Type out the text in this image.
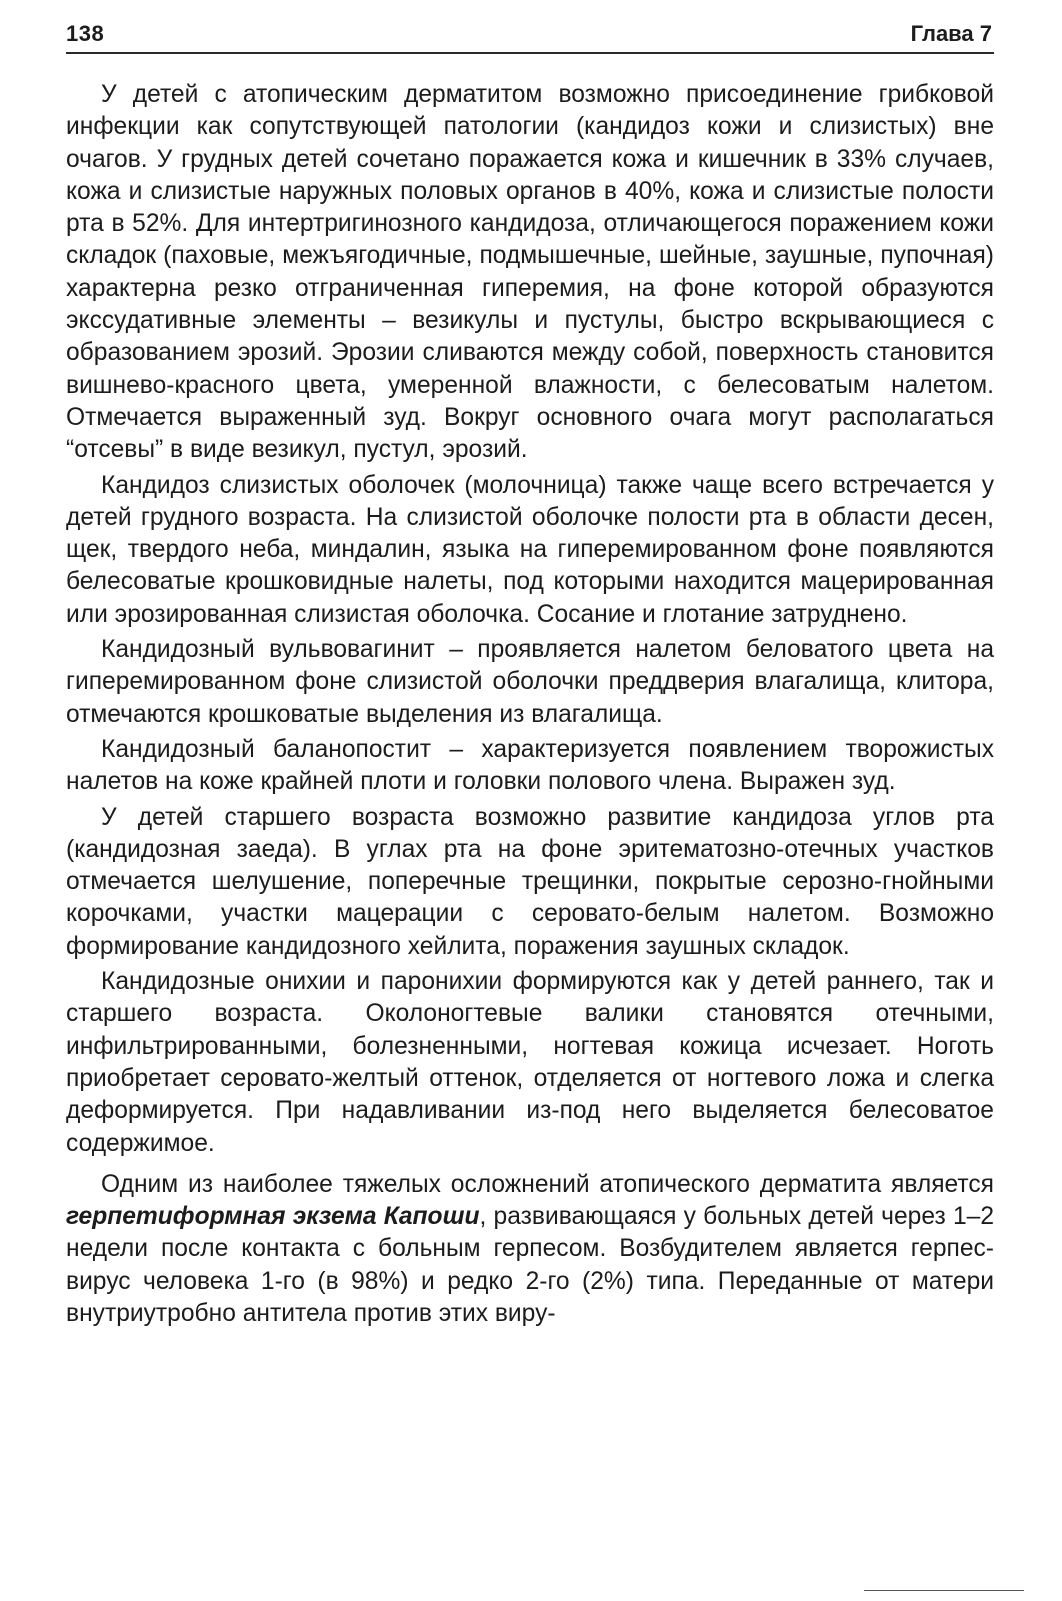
138	Глава 7

У детей с атопическим дерматитом возможно присоединение грибковой инфекции как сопутствующей патологии (кандидоз кожи и слизистых) вне очагов. У грудных детей сочетано поражается кожа и кишечник в 33% случаев, кожа и слизистые наружных половых органов в 40%, кожа и слизистые полости рта в 52%. Для интертригинозного кандидоза, отличающегося поражением кожи складок (паховые, межъягодичные, подмышечные, шейные, заушные, пупочная) характерна резко отграниченная гиперемия, на фоне которой образуются экссудативные элементы – везикулы и пустулы, быстро вскрывающиеся с образованием эрозий. Эрозии сливаются между собой, поверхность становится вишнево-красного цвета, умеренной влажности, с белесоватым налетом. Отмечается выраженный зуд. Вокруг основного очага могут располагаться “отсевы” в виде везикул, пустул, эрозий.

Кандидоз слизистых оболочек (молочница) также чаще всего встречается у детей грудного возраста. На слизистой оболочке полости рта в области десен, щек, твердого неба, миндалин, языка на гиперемированном фоне появляются белесоватые крошковидные налеты, под которыми находится мацерированная или эрозированная слизистая оболочка. Сосание и глотание затруднено.

Кандидозный вульвовагинит – проявляется налетом беловатого цвета на гиперемированном фоне слизистой оболочки преддверия влагалища, клитора, отмечаются крошковатые выделения из влагалища.

Кандидозный баланопостит – характеризуется появлением творожистых налетов на коже крайней плоти и головки полового члена. Выражен зуд.

У детей старшего возраста возможно развитие кандидоза углов рта (кандидозная заеда). В углах рта на фоне эритематозно-отечных участков отмечается шелушение, поперечные трещинки, покрытые серозно-гнойными корочками, участки мацерации с серовато-белым налетом. Возможно формирование кандидозного хейлита, поражения заушных складок.

Кандидозные онихии и паронихии формируются как у детей раннего, так и старшего возраста. Околоногтевые валики становятся отечными, инфильтрированными, болезненными, ногтевая кожица исчезает. Ноготь приобретает серовато-желтый оттенок, отделяется от ногтевого ложа и слегка деформируется. При надавливании из-под него выделяется белесоватое содержимое.

Одним из наиболее тяжелых осложнений атопического дерматита является герпетиформная экзема Капоши, развивающаяся у больных детей через 1–2 недели после контакта с больным герпесом. Возбудителем является герпес-вирус человека 1-го (в 98%) и редко 2-го (2%) типа. Переданные от матери внутриутробно антитела против этих виру-
